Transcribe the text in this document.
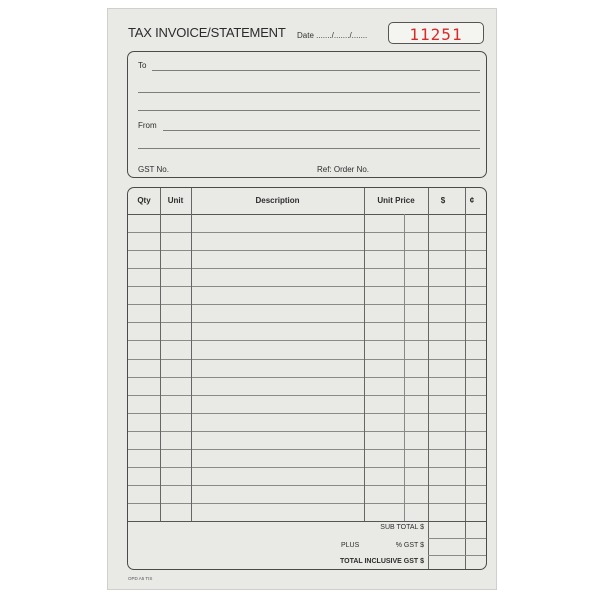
TAX INVOICE/STATEMENT Date ......./......./.......	11251
To
From
GST No.	Ref: Order No.
Qty	Unit	Description	Unit Price	$	¢
SUB TOTAL $
PLUS	% GST $
TOTAL INCLUSIVE GST $
OPD A5 TIS
